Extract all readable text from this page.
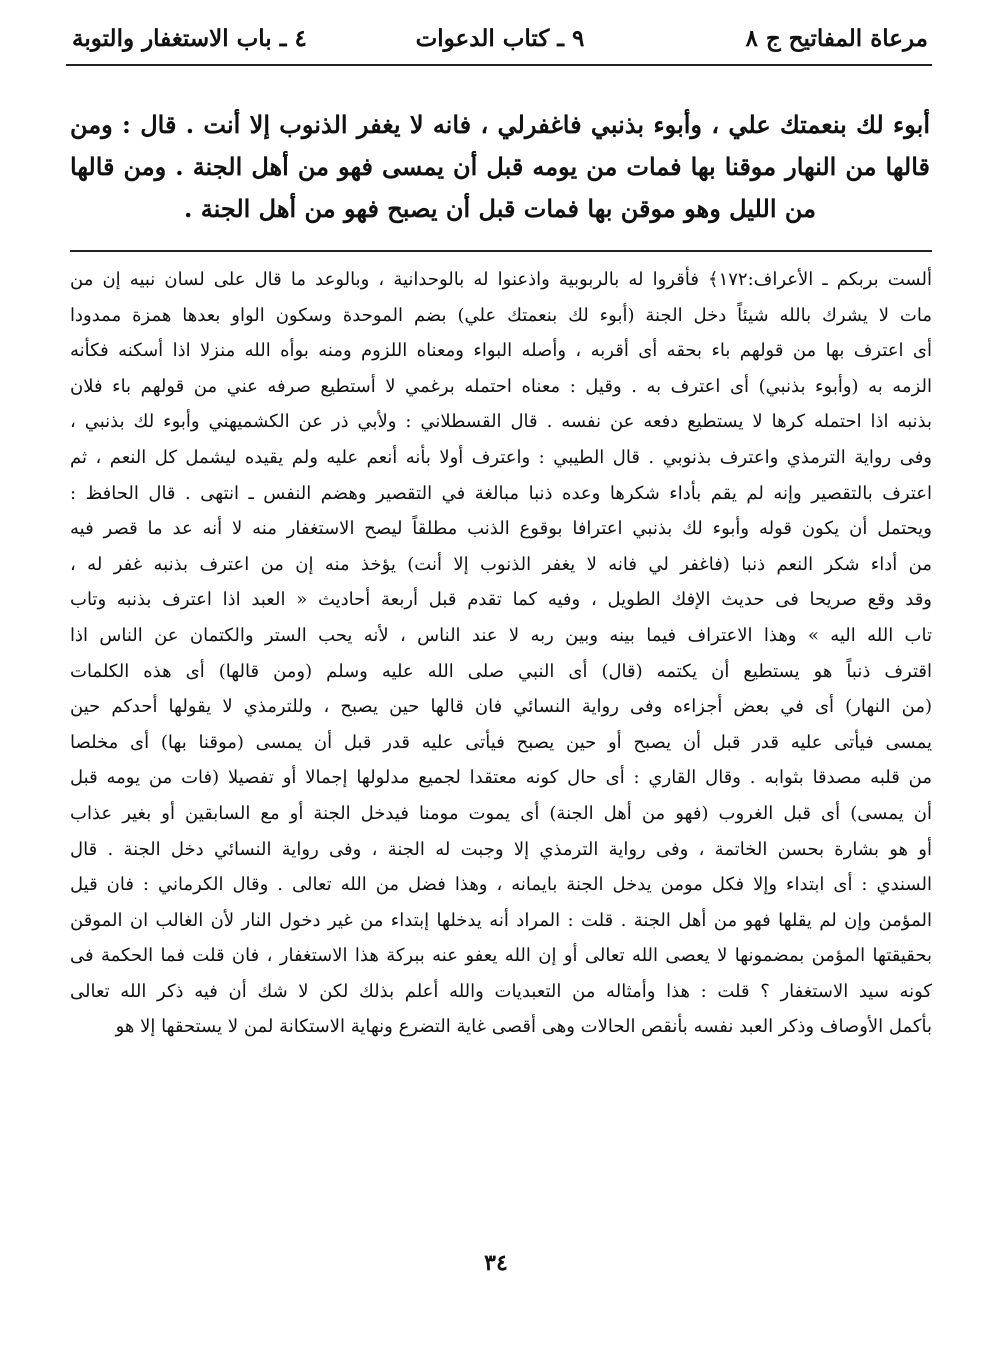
مرعاة المفاتيح ج ٨
٩ ـ كتاب الدعوات
٤ ـ باب الاستغفار والتوبة
أبوء لك بنعمتك علي ، وأبوء بذنبي فاغفرلي ، فانه لا يغفر الذنوب إلا أنت . قال : ومن قالها من النهار موقنا بها فمات من يومه قبل أن يمسى فهو من أهل الجنة . ومن قالها من الليل وهو موقن بها فمات قبل أن يصبح فهو من أهل الجنة .
ألست بربكم ـ الأعراف:١٧٢﴾ فأقروا له بالربوبية واذعنوا له بالوحدانية ، وبالوعد ما قال على لسان نبيه إن من
مات لا يشرك بالله شيئاً دخل الجنة (أبوء لك بنعمتك علي) بضم الموحدة وسكون الواو بعدها همزة ممدودا
أى اعترف بها من قولهم باء بحقه أى أقربه ، وأصله البواء ومعناه اللزوم ومنه بوأه الله منزلا اذا أسكنه فكأنه
الزمه به (وأبوء بذنبي) أى اعترف به . وقيل : معناه احتمله برغمي لا أستطيع صرفه عني من قولهم باء فلان
بذنبه اذا احتمله كرها لا يستطيع دفعه عن نفسه . قال القسطلاني : ولأبي ذر عن الكشميهني وأبوء لك بذنبي ،
وفى رواية الترمذي واعترف بذنوبي . قال الطيبي : واعترف أولا بأنه أنعم عليه ولم يقيده ليشمل كل النعم ، ثم
اعترف بالتقصير وإنه لم يقم بأداء شكرها وعده ذنبا مبالغة في التقصير وهضم النفس ـ انتهى . قال الحافظ :
ويحتمل أن يكون قوله وأبوء لك بذنبي اعترافا بوقوع الذنب مطلقاً ليصح الاستغفار منه لا أنه عد ما قصر فيه
من أداء شكر النعم ذنبا (فاغفر لي فانه لا يغفر الذنوب إلا أنت) يؤخذ منه إن من اعترف بذنبه غفر له ،
وقد وقع صريحا فى حديث الإفك الطويل ، وفيه كما تقدم قبل أربعة أحاديث « العبد اذا اعترف بذنبه وتاب
تاب الله اليه » وهذا الاعتراف فيما بينه وبين ربه لا عند الناس ، لأنه يحب الستر والكتمان عن الناس اذا
اقترف ذنباً هو يستطيع أن يكتمه (قال) أى النبي صلى الله عليه وسلم (ومن قالها) أى هذه الكلمات
(من النهار) أى في بعض أجزاءه وفى رواية النسائي فان قالها حين يصبح ، وللترمذي لا يقولها أحدكم حين
يمسى فيأتى عليه قدر قبل أن يصبح أو حين يصبح فيأتى عليه قدر قبل أن يمسى (موقنا بها) أى مخلصا
من قلبه مصدقا بثوابه . وقال القاري : أى حال كونه معتقدا لجميع مدلولها إجمالا أو تفصيلا (فات من يومه قبل
أن يمسى) أى قبل الغروب (فهو من أهل الجنة) أى يموت مومنا فيدخل الجنة أو مع السابقين أو بغير عذاب
أو هو بشارة بحسن الخاتمة ، وفى رواية الترمذي إلا وجبت له الجنة ، وفى رواية النسائي دخل الجنة . قال
السندي : أى ابتداء وإلا فكل مومن يدخل الجنة بايمانه ، وهذا فضل من الله تعالى . وقال الكرماني : فان قيل
المؤمن وإن لم يقلها فهو من أهل الجنة . قلت : المراد أنه يدخلها إبتداء من غير دخول النار لأن الغالب ان الموقن
بحقيقتها المؤمن بمضمونها لا يعصى الله تعالى أو إن الله يعفو عنه ببركة هذا الاستغفار ، فان قلت فما الحكمة فى
كونه سيد الاستغفار ؟ قلت : هذا وأمثاله من التعبديات والله أعلم بذلك لكن لا شك أن فيه ذكر الله تعالى
بأكمل الأوصاف وذكر العبد نفسه بأنقص الحالات وهى أقصى غاية التضرع ونهاية الاستكانة لمن لا يستحقها إلا هو
٣٤
